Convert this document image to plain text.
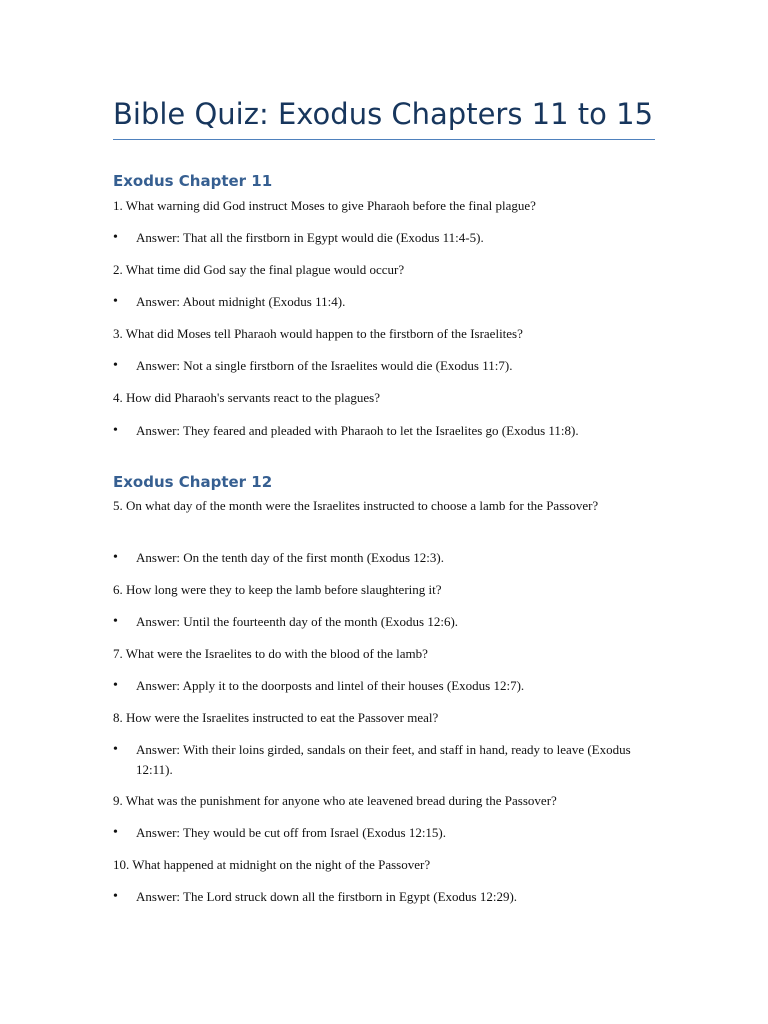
Bible Quiz: Exodus Chapters 11 to 15
Exodus Chapter 11

1. What warning did God instruct Moses to give Pharaoh before the final plague?

•	Answer: That all the firstborn in Egypt would die (Exodus 11:4-5).

2. What time did God say the final plague would occur?

•	Answer: About midnight (Exodus 11:4).

3. What did Moses tell Pharaoh would happen to the firstborn of the Israelites?

•	Answer: Not a single firstborn of the Israelites would die (Exodus 11:7).

4. How did Pharaoh's servants react to the plagues?

•	Answer: They feared and pleaded with Pharaoh to let the Israelites go (Exodus 11:8).
Exodus Chapter 12

5. On what day of the month were the Israelites instructed to choose a lamb for the Passover?

•	Answer: On the tenth day of the first month (Exodus 12:3).

6. How long were they to keep the lamb before slaughtering it?

•	Answer: Until the fourteenth day of the month (Exodus 12:6).

7. What were the Israelites to do with the blood of the lamb?

•	Answer: Apply it to the doorposts and lintel of their houses (Exodus 12:7).

8. How were the Israelites instructed to eat the Passover meal?

•	Answer: With their loins girded, sandals on their feet, and staff in hand, ready to leave (Exodus 12:11).

9. What was the punishment for anyone who ate leavened bread during the Passover?

•	Answer: They would be cut off from Israel (Exodus 12:15).

10. What happened at midnight on the night of the Passover?

•	Answer: The Lord struck down all the firstborn in Egypt (Exodus 12:29).
